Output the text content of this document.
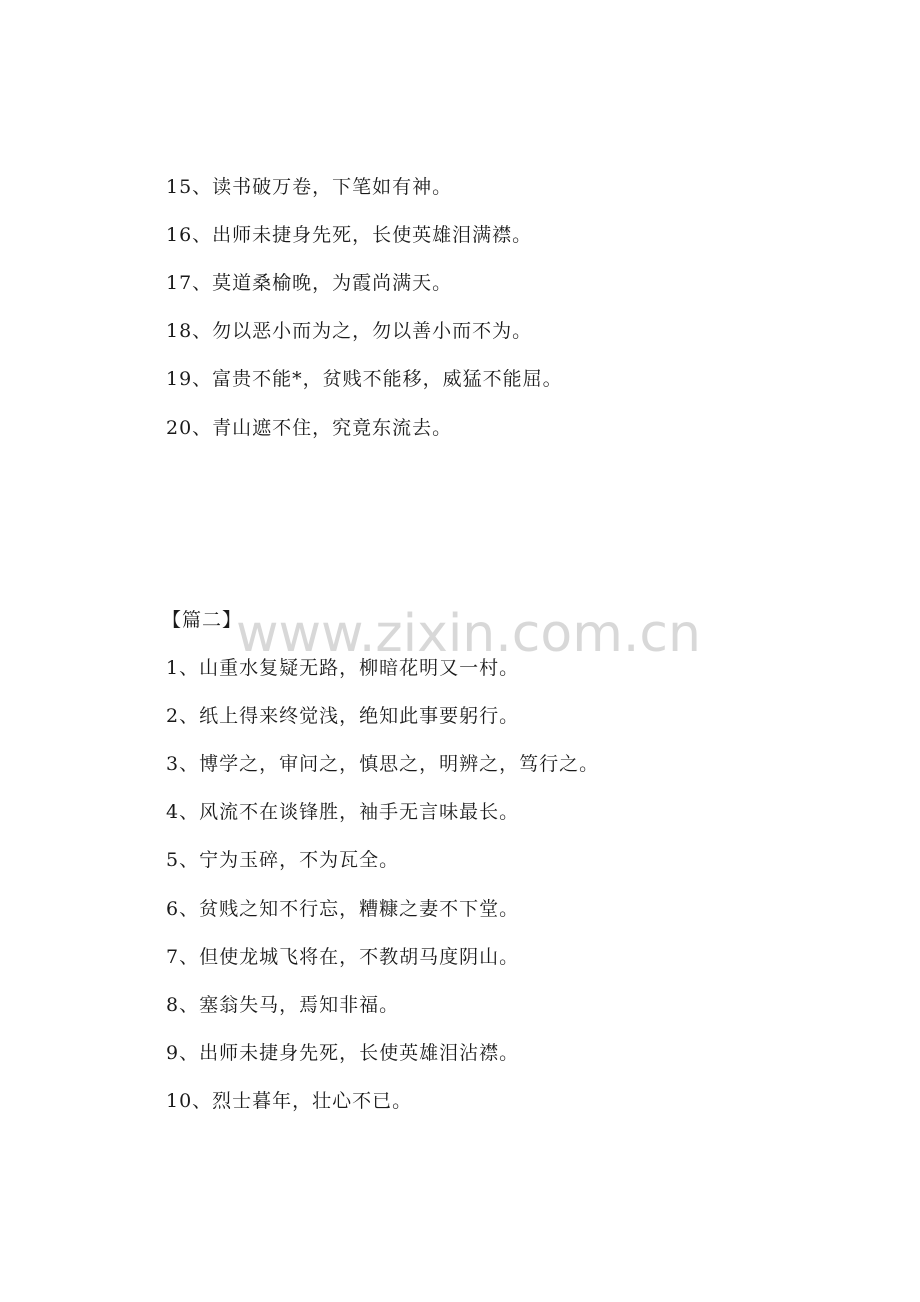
www.zixin.com.cn
15、读书破万卷，下笔如有神。
16、出师未捷身先死，长使英雄泪满襟。
17、莫道桑榆晚，为霞尚满天。
18、勿以恶小而为之，勿以善小而不为。
19、富贵不能*，贫贱不能移，威猛不能屈。
20、青山遮不住，究竟东流去。
【篇二】
1、山重水复疑无路，柳暗花明又一村。
2、纸上得来终觉浅，绝知此事要躬行。
3、博学之，审问之，慎思之，明辨之，笃行之。
4、风流不在谈锋胜，袖手无言味最长。
5、宁为玉碎，不为瓦全。
6、贫贱之知不行忘，糟糠之妻不下堂。
7、但使龙城飞将在，不教胡马度阴山。
8、塞翁失马，焉知非福。
9、出师未捷身先死，长使英雄泪沾襟。
10、烈士暮年，壮心不已。
